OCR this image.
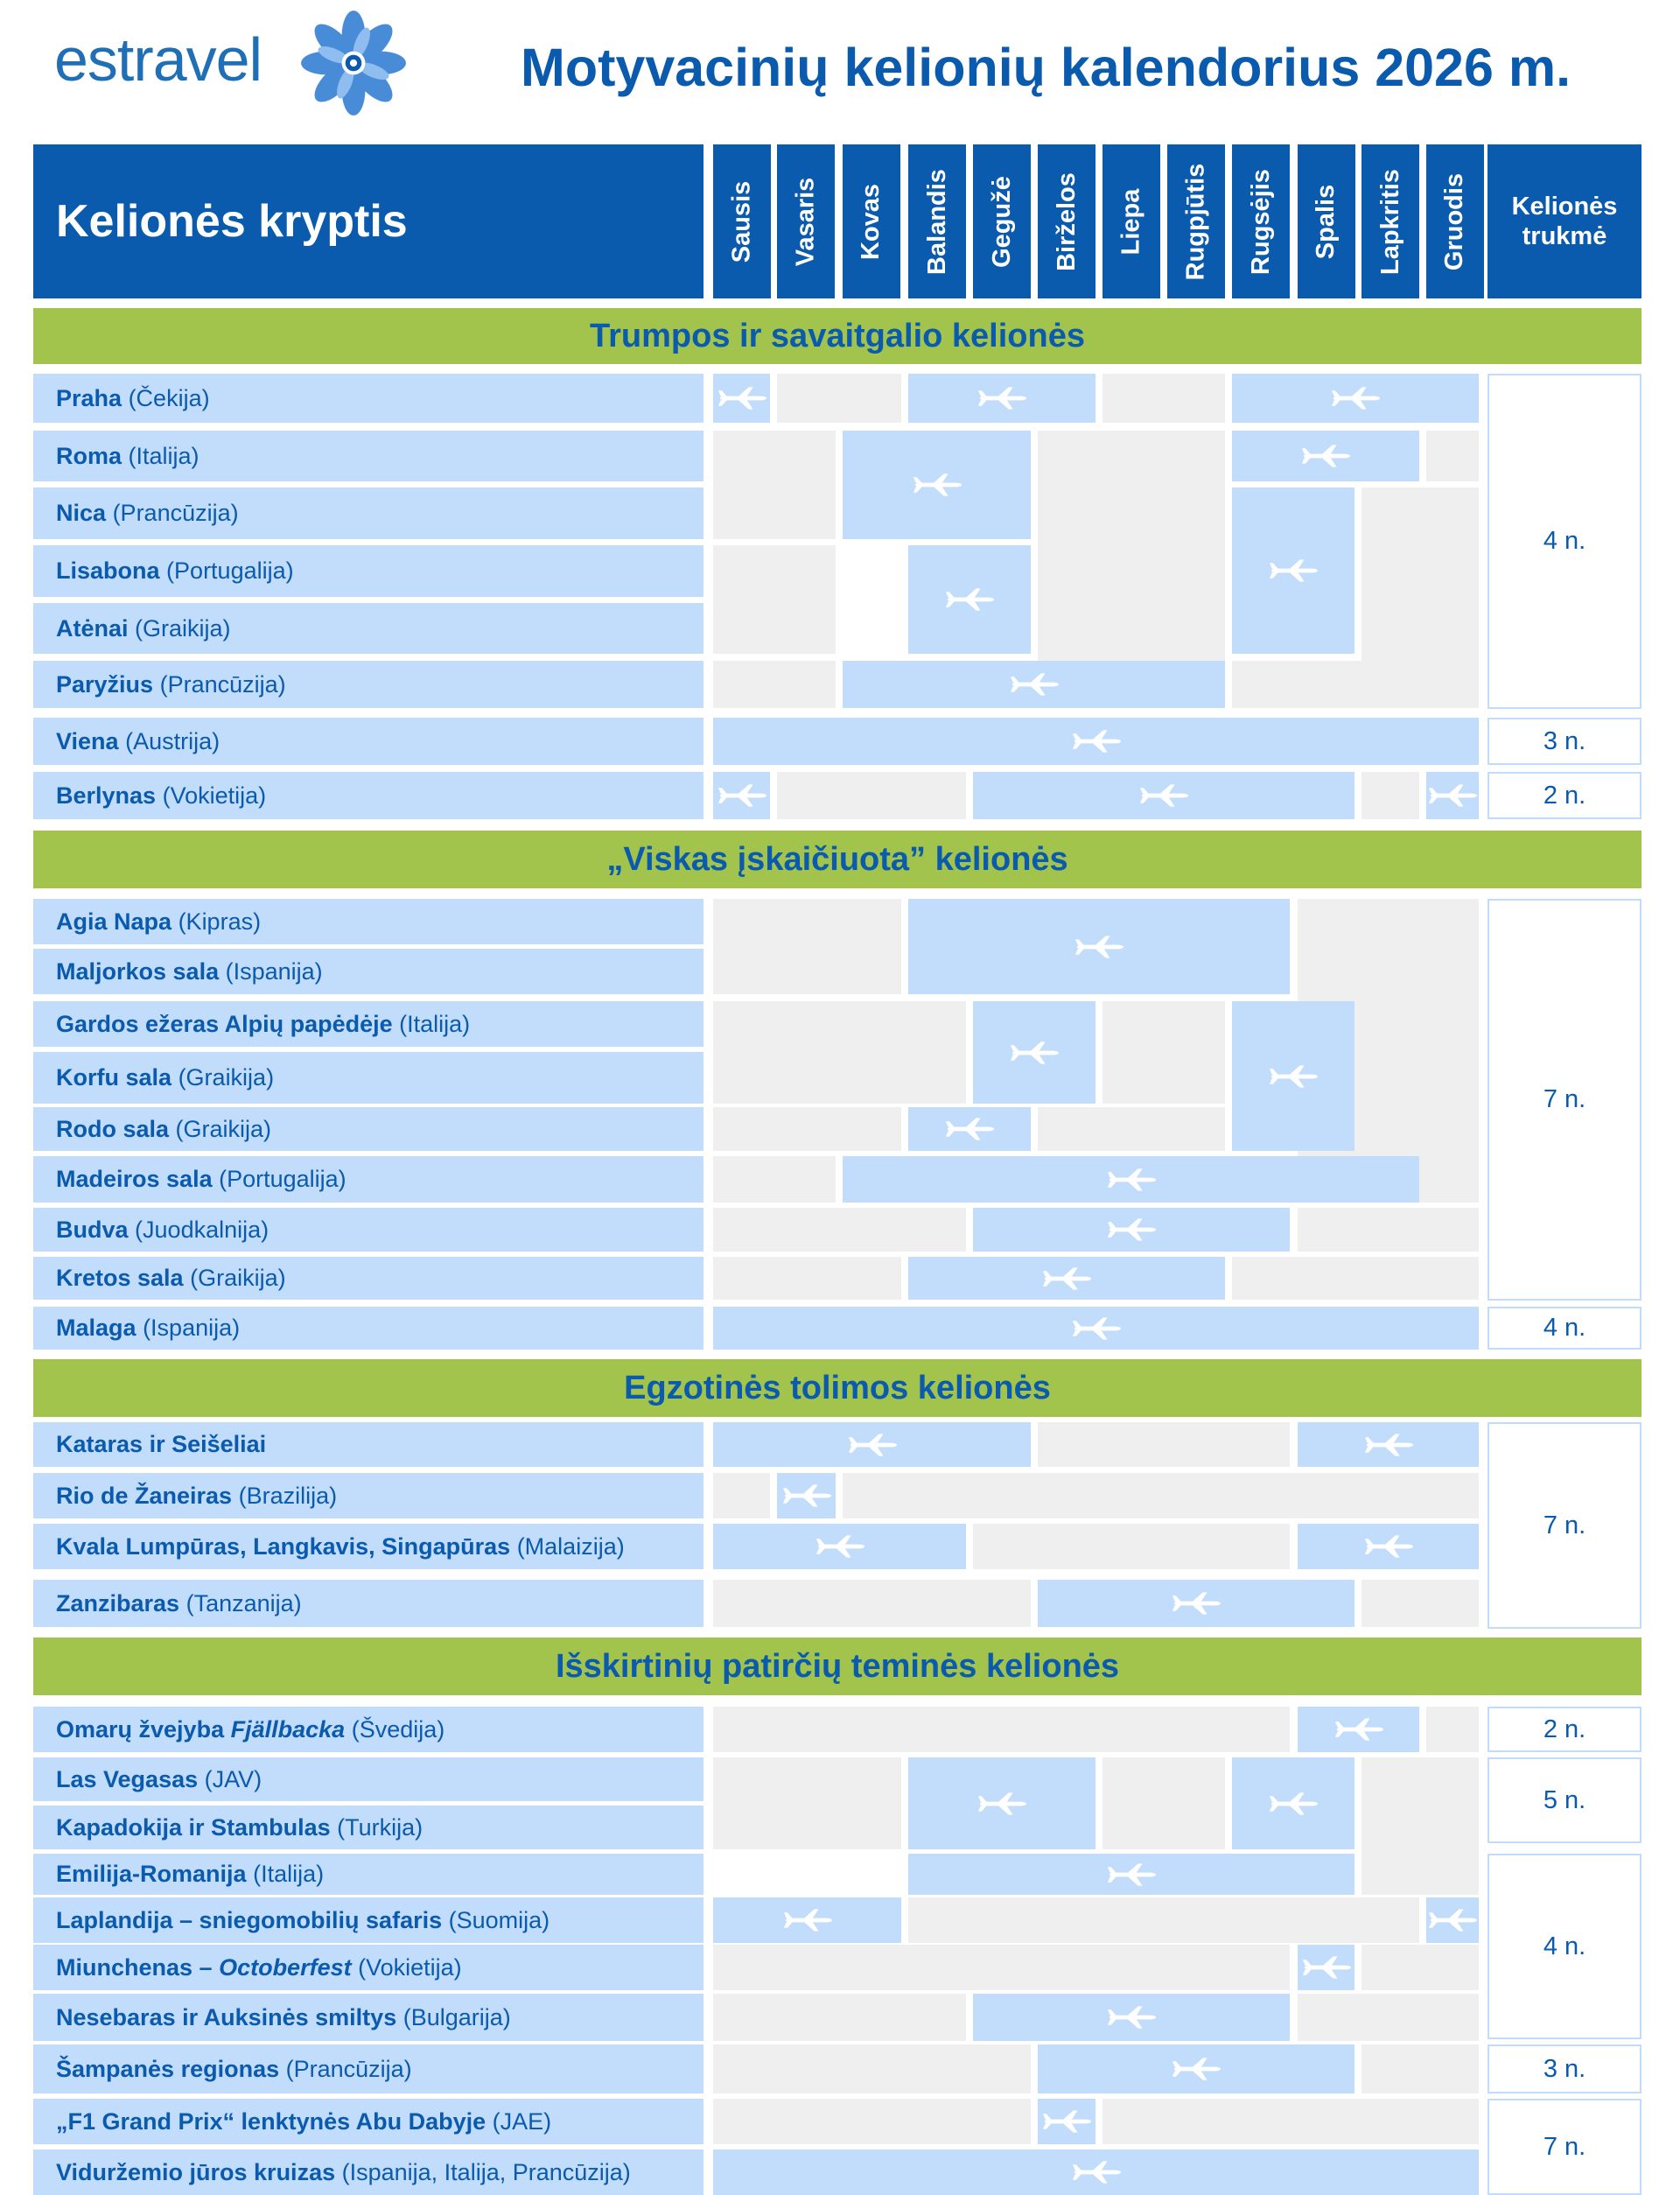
estravel	Motyvacinių kelionių kalendorius 2026 m.
Kelionės kryptis	Sausis Vasaris Kovas Balandis Gegužė Birželos Liepa Rugpjūtis Rugsėjis Spalis Lapkritis Gruodis Kelionės trukmė
Trumpos ir savaitgalio kelionės
„Viskas įskaičiuota” kelionės
Egzotinės tolimos kelionės
Išskirtinių patirčių teminės kelionės
Praha
(Čekija)
Roma
(Italija)
Nica
(Prancūzija)
Lisabona
(Portugalija)
Atėnai
(Graikija)
Paryžius
(Prancūzija)
Viena
(Austrija)
Berlynas
(Vokietija)
Agia Napa
(Kipras)
Maljorkos sala
(Ispanija)
Gardos ežeras Alpių papėdėje
(Italija)
Korfu sala
(Graikija)
Rodo sala
(Graikija)
Madeiros sala
(Portugalija)
Budva
(Juodkalnija)
Kretos sala
(Graikija)
Malaga
(Ispanija)
Kataras ir Seišeliai
Rio de Žaneiras
(Brazilija)
Kvala Lumpūras, Langkavis, Singapūras
(Malaizija)
Zanzibaras
(Tanzanija)
Omarų žvejyba
Fjällbacka
(Švedija)
Las Vegasas
(JAV)
Kapadokija ir Stambulas
(Turkija)
Emilija-Romanija
(Italija)
Laplandija – sniegomobilių safaris
(Suomija)
Miunchenas –
Octoberfest
(Vokietija)
Nesebaras ir Auksinės smiltys
(Bulgarija)
Šampanės regionas
(Prancūzija)
„F1 Grand Prix“ lenktynės Abu Dabyje
(JAE)
Viduržemio jūros kruizas
(Ispanija, Italija, Prancūzija)
4 n.
3 n.
2 n.
7 n.
4 n.
7 n.
2 n.
5 n.
4 n.
3 n.
7 n.
